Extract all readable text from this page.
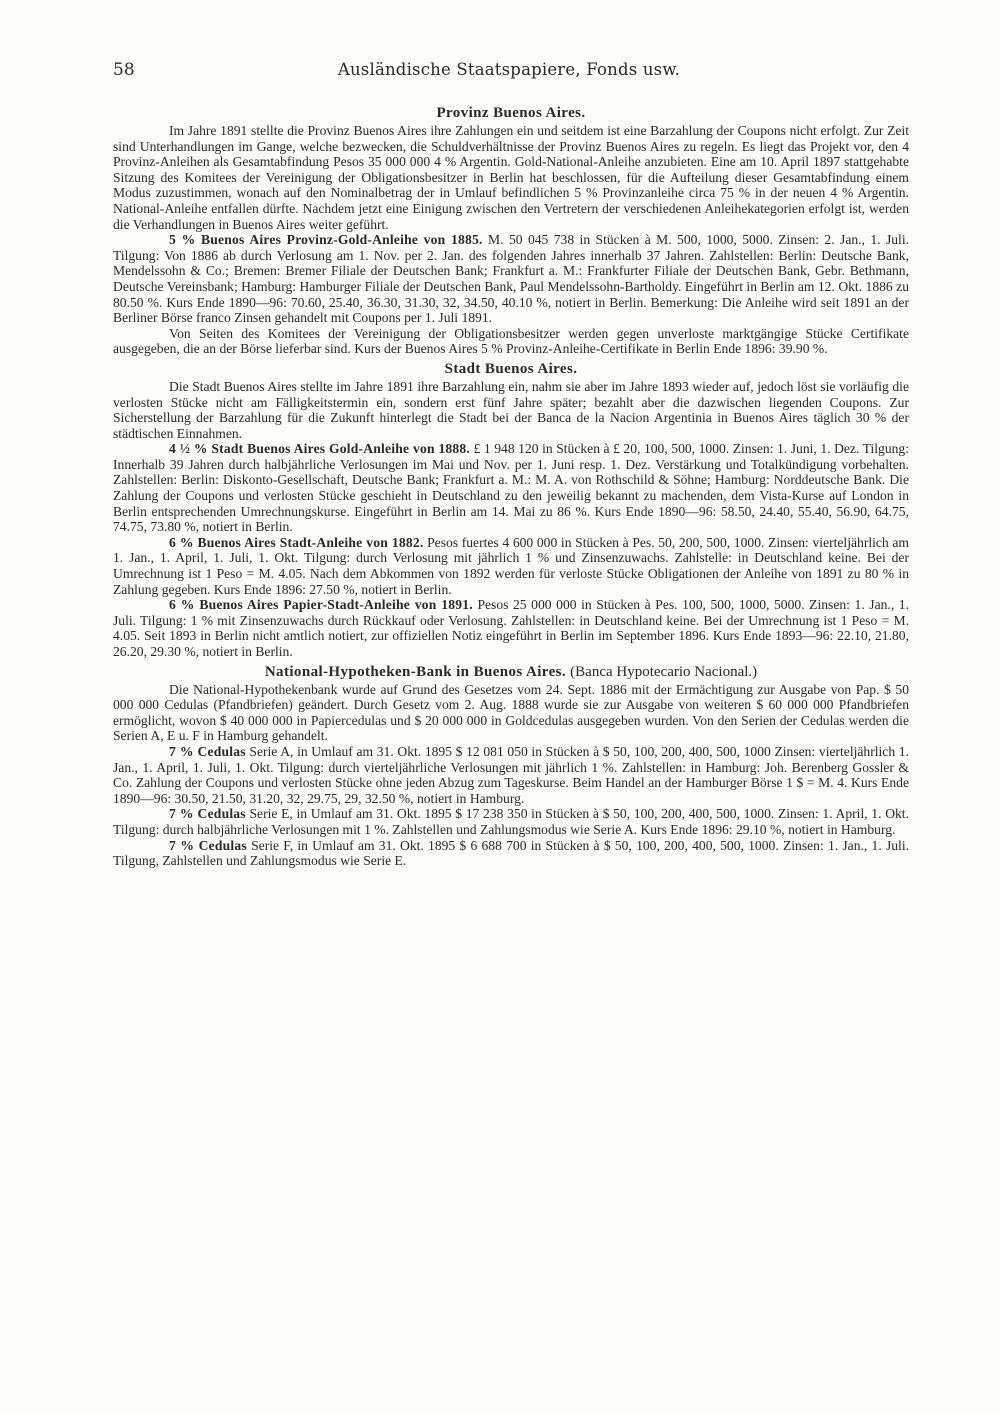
58	Ausländische Staatspapiere, Fonds usw.
Provinz Buenos Aires.

Im Jahre 1891 stellte die Provinz Buenos Aires ihre Zahlungen ein und seitdem ist eine Barzahlung der Coupons nicht erfolgt. Zur Zeit sind Unterhandlungen im Gange, welche bezwecken, die Schuldverhältnisse der Provinz Buenos Aires zu regeln. Es liegt das Projekt vor, den 4 Provinz-Anleihen als Gesamtabfindung Pesos 35 000 000 4 % Argentin. Gold-National-Anleihe anzubieten. Eine am 10. April 1897 stattgehabte Sitzung des Komitees der Vereinigung der Obligationsbesitzer in Berlin hat beschlossen, für die Aufteilung dieser Gesamtabfindung einem Modus zuzustimmen, wonach auf den Nominalbetrag der in Umlauf befindlichen 5 % Provinzanleihe circa 75 % in der neuen 4 % Argentin. National-Anleihe entfallen dürfte. Nachdem jetzt eine Einigung zwischen den Vertretern der verschiedenen Anleihekategorien erfolgt ist, werden die Verhandlungen in Buenos Aires weiter geführt.

5 % Buenos Aires Provinz-Gold-Anleihe von 1885. M. 50 045 738 in Stücken à M. 500, 1000, 5000. Zinsen: 2. Jan., 1. Juli. Tilgung: Von 1886 ab durch Verlosung am 1. Nov. per 2. Jan. des folgenden Jahres innerhalb 37 Jahren. Zahlstellen: Berlin: Deutsche Bank, Mendelssohn & Co.; Bremen: Bremer Filiale der Deutschen Bank; Frankfurt a. M.: Frankfurter Filiale der Deutschen Bank, Gebr. Bethmann, Deutsche Vereinsbank; Hamburg: Hamburger Filiale der Deutschen Bank, Paul Mendelssohn-Bartholdy. Eingeführt in Berlin am 12. Okt. 1886 zu 80.50 %. Kurs Ende 1890—96: 70.60, 25.40, 36.30, 31.30, 32, 34.50, 40.10 %, notiert in Berlin. Bemerkung: Die Anleihe wird seit 1891 an der Berliner Börse franco Zinsen gehandelt mit Coupons per 1. Juli 1891.

Von Seiten des Komitees der Vereinigung der Obligationsbesitzer werden gegen unverloste marktgängige Stücke Certifikate ausgegeben, die an der Börse lieferbar sind. Kurs der Buenos Aires 5 % Provinz-Anleihe-Certifikate in Berlin Ende 1896: 39.90 %.

Stadt Buenos Aires.

Die Stadt Buenos Aires stellte im Jahre 1891 ihre Barzahlung ein, nahm sie aber im Jahre 1893 wieder auf, jedoch löst sie vorläufig die verlosten Stücke nicht am Fälligkeitstermin ein, sondern erst fünf Jahre später; bezahlt aber die dazwischen liegenden Coupons. Zur Sicherstellung der Barzahlung für die Zukunft hinterlegt die Stadt bei der Banca de la Nacion Argentinia in Buenos Aires täglich 30 % der städtischen Einnahmen.

4 ½ % Stadt Buenos Aires Gold-Anleihe von 1888. £ 1 948 120 in Stücken à £ 20, 100, 500, 1000. Zinsen: 1. Juni, 1. Dez. Tilgung: Innerhalb 39 Jahren durch halbjährliche Verlosungen im Mai und Nov. per 1. Juni resp. 1. Dez. Verstärkung und Totalkündigung vorbehalten. Zahlstellen: Berlin: Diskonto-Gesellschaft, Deutsche Bank; Frankfurt a. M.: M. A. von Rothschild & Söhne; Hamburg: Norddeutsche Bank. Die Zahlung der Coupons und verlosten Stücke geschieht in Deutschland zu den jeweilig bekannt zu machenden, dem Vista-Kurse auf London in Berlin entsprechenden Umrechnungskurse. Eingeführt in Berlin am 14. Mai zu 86 %. Kurs Ende 1890—96: 58.50, 24.40, 55.40, 56.90, 64.75, 74.75, 73.80 %, notiert in Berlin.

6 % Buenos Aires Stadt-Anleihe von 1882. Pesos fuertes 4 600 000 in Stücken à Pes. 50, 200, 500, 1000. Zinsen: vierteljährlich am 1. Jan., 1. April, 1. Juli, 1. Okt. Tilgung: durch Verlosung mit jährlich 1 % und Zinsenzuwachs. Zahlstelle: in Deutschland keine. Bei der Umrechnung ist 1 Peso = M. 4.05. Nach dem Abkommen von 1892 werden für verloste Stücke Obligationen der Anleihe von 1891 zu 80 % in Zahlung gegeben. Kurs Ende 1896: 27.50 %, notiert in Berlin.

6 % Buenos Aires Papier-Stadt-Anleihe von 1891. Pesos 25 000 000 in Stücken à Pes. 100, 500, 1000, 5000. Zinsen: 1. Jan., 1. Juli. Tilgung: 1 % mit Zinsenzuwachs durch Rückkauf oder Verlosung. Zahlstellen: in Deutschland keine. Bei der Umrechnung ist 1 Peso = M. 4.05. Seit 1893 in Berlin nicht amtlich notiert, zur offiziellen Notiz eingeführt in Berlin im September 1896. Kurs Ende 1893—96: 22.10, 21.80, 26.20, 29.30 %, notiert in Berlin.

National-Hypotheken-Bank in Buenos Aires. (Banca Hypotecario Nacional.)

Die National-Hypothekenbank wurde auf Grund des Gesetzes vom 24. Sept. 1886 mit der Ermächtigung zur Ausgabe von Pap. $ 50 000 000 Cedulas (Pfandbriefen) geändert. Durch Gesetz vom 2. Aug. 1888 wurde sie zur Ausgabe von weiteren $ 60 000 000 Pfandbriefen ermöglicht, wovon $ 40 000 000 in Papiercedulas und $ 20 000 000 in Goldcedulas ausgegeben wurden. Von den Serien der Cedulas werden die Serien A, E u. F in Hamburg gehandelt.

7 % Cedulas Serie A, in Umlauf am 31. Okt. 1895 $ 12 081 050 in Stücken à $ 50, 100, 200, 400, 500, 1000 Zinsen: vierteljährlich 1. Jan., 1. April, 1. Juli, 1. Okt. Tilgung: durch vierteljährliche Verlosungen mit jährlich 1 %. Zahlstellen: in Hamburg: Joh. Berenberg Gossler & Co. Zahlung der Coupons und verlosten Stücke ohne jeden Abzug zum Tageskurse. Beim Handel an der Hamburger Börse 1 $ = M. 4. Kurs Ende 1890—96: 30.50, 21.50, 31.20, 32, 29.75, 29, 32.50 %, notiert in Hamburg.

7 % Cedulas Serie E, in Umlauf am 31. Okt. 1895 $ 17 238 350 in Stücken à $ 50, 100, 200, 400, 500, 1000. Zinsen: 1. April, 1. Okt. Tilgung: durch halbjährliche Verlosungen mit 1 %. Zahlstellen und Zahlungsmodus wie Serie A. Kurs Ende 1896: 29.10 %, notiert in Hamburg.

7 % Cedulas Serie F, in Umlauf am 31. Okt. 1895 $ 6 688 700 in Stücken à $ 50, 100, 200, 400, 500, 1000. Zinsen: 1. Jan., 1. Juli. Tilgung, Zahlstellen und Zahlungsmodus wie Serie E.
